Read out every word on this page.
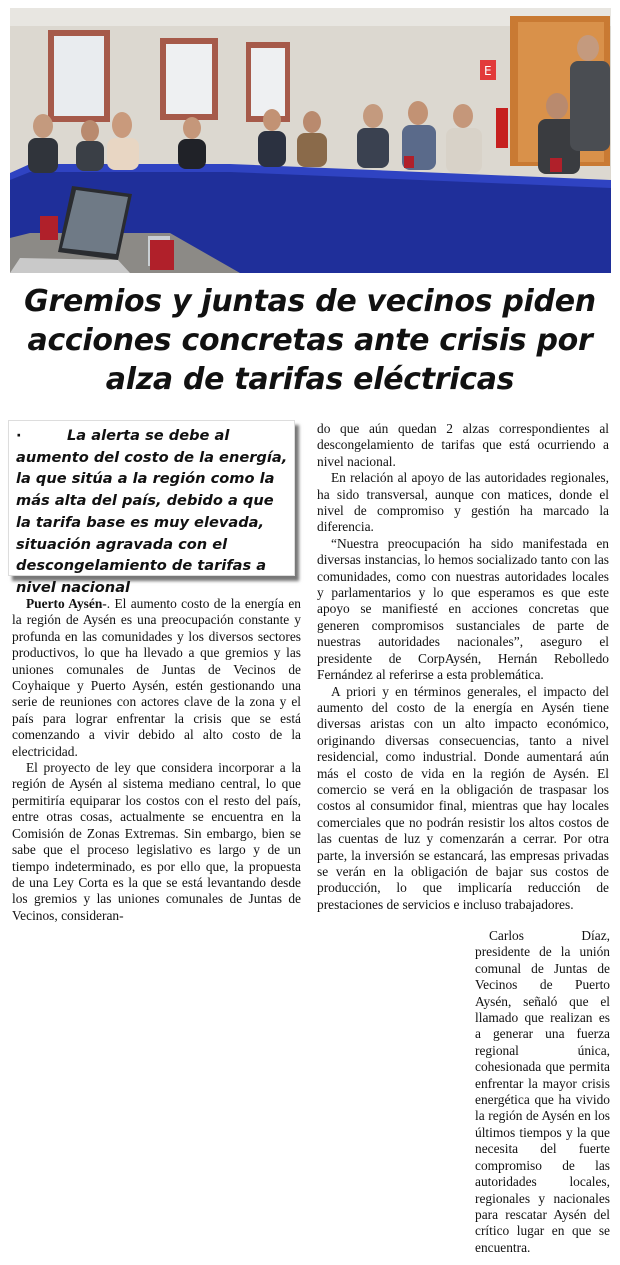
E
Gremios y juntas de vecinos piden acciones concretas ante crisis por alza de tarifas eléctricas

·	La alerta se debe al aumento del costo de la energía, la que sitúa a la región como la más alta del país, debido a que la tarifa base es muy elevada, situación agravada con el descongelamiento de tarifas a nivel nacional

Puerto Aysén-. El aumento costo de la energía en la región de Aysén es una preocupación constante y profunda en las comunidades y los diversos sectores productivos, lo que ha llevado a que gremios y las uniones comunales de Juntas de Vecinos de Coyhaique y Puerto Aysén, estén gestionando una serie de reuniones con actores clave de la zona y el país para lograr enfrentar la crisis que se está comenzando a vivir debido al alto costo de la electricidad.

El proyecto de ley que considera incorporar a la región de Aysén al sistema mediano central, lo que permitiría equiparar los costos con el resto del país, entre otras cosas, actualmente se encuentra en la Comisión de Zonas Extremas. Sin embargo, bien se sabe que el proceso legislativo es largo y de un tiempo indeterminado, es por ello que, la propuesta de una Ley Corta es la que se está levantando desde los gremios y las uniones comunales de Juntas de Vecinos, consideran-

do que aún quedan 2 alzas correspondientes al descongelamiento de tarifas que está ocurriendo a nivel nacional.

En relación al apoyo de las autoridades regionales, ha sido transversal, aunque con matices, donde el nivel de compromiso y gestión ha marcado la diferencia.

“Nuestra preocupación ha sido manifestada en diversas instancias, lo hemos socializado tanto con las comunidades, como con nuestras autoridades locales y parlamentarios y lo que esperamos es que este apoyo se manifiesté en acciones concretas que generen compromisos sustanciales de parte de nuestras autoridades nacionales”, aseguro el presidente de CorpAysén, Hernán Rebolledo Fernández al referirse a esta problemática.

A priori y en términos generales, el impacto del aumento del costo de la energía en Aysén tiene diversas aristas con un alto impacto económico, originando diversas consecuencias, tanto a nivel residencial, como industrial. Donde aumentará aún más el costo de vida en la región de Aysén. El comercio se verá en la obligación de traspasar los costos al consumidor final, mientras que hay locales comerciales que no podrán resistir los altos costos de las cuentas de luz y comenzarán a cerrar. Por otra parte, la inversión se estancará, las empresas privadas se verán en la obligación de bajar sus costos de producción, lo que implicaría reducción de prestaciones de servicios e incluso trabajadores.

Carlos Díaz, presidente de la unión comunal de Juntas de Vecinos de Puerto Aysén, señaló que el llamado que realizan es a generar una fuerza regional única, cohesionada que permita enfrentar la mayor crisis energética que ha vivido la región de Aysén en los últimos tiempos y la que necesita del fuerte compromiso de las autoridades locales, regionales y nacionales para rescatar Aysén del crítico lugar en que se encuentra.
